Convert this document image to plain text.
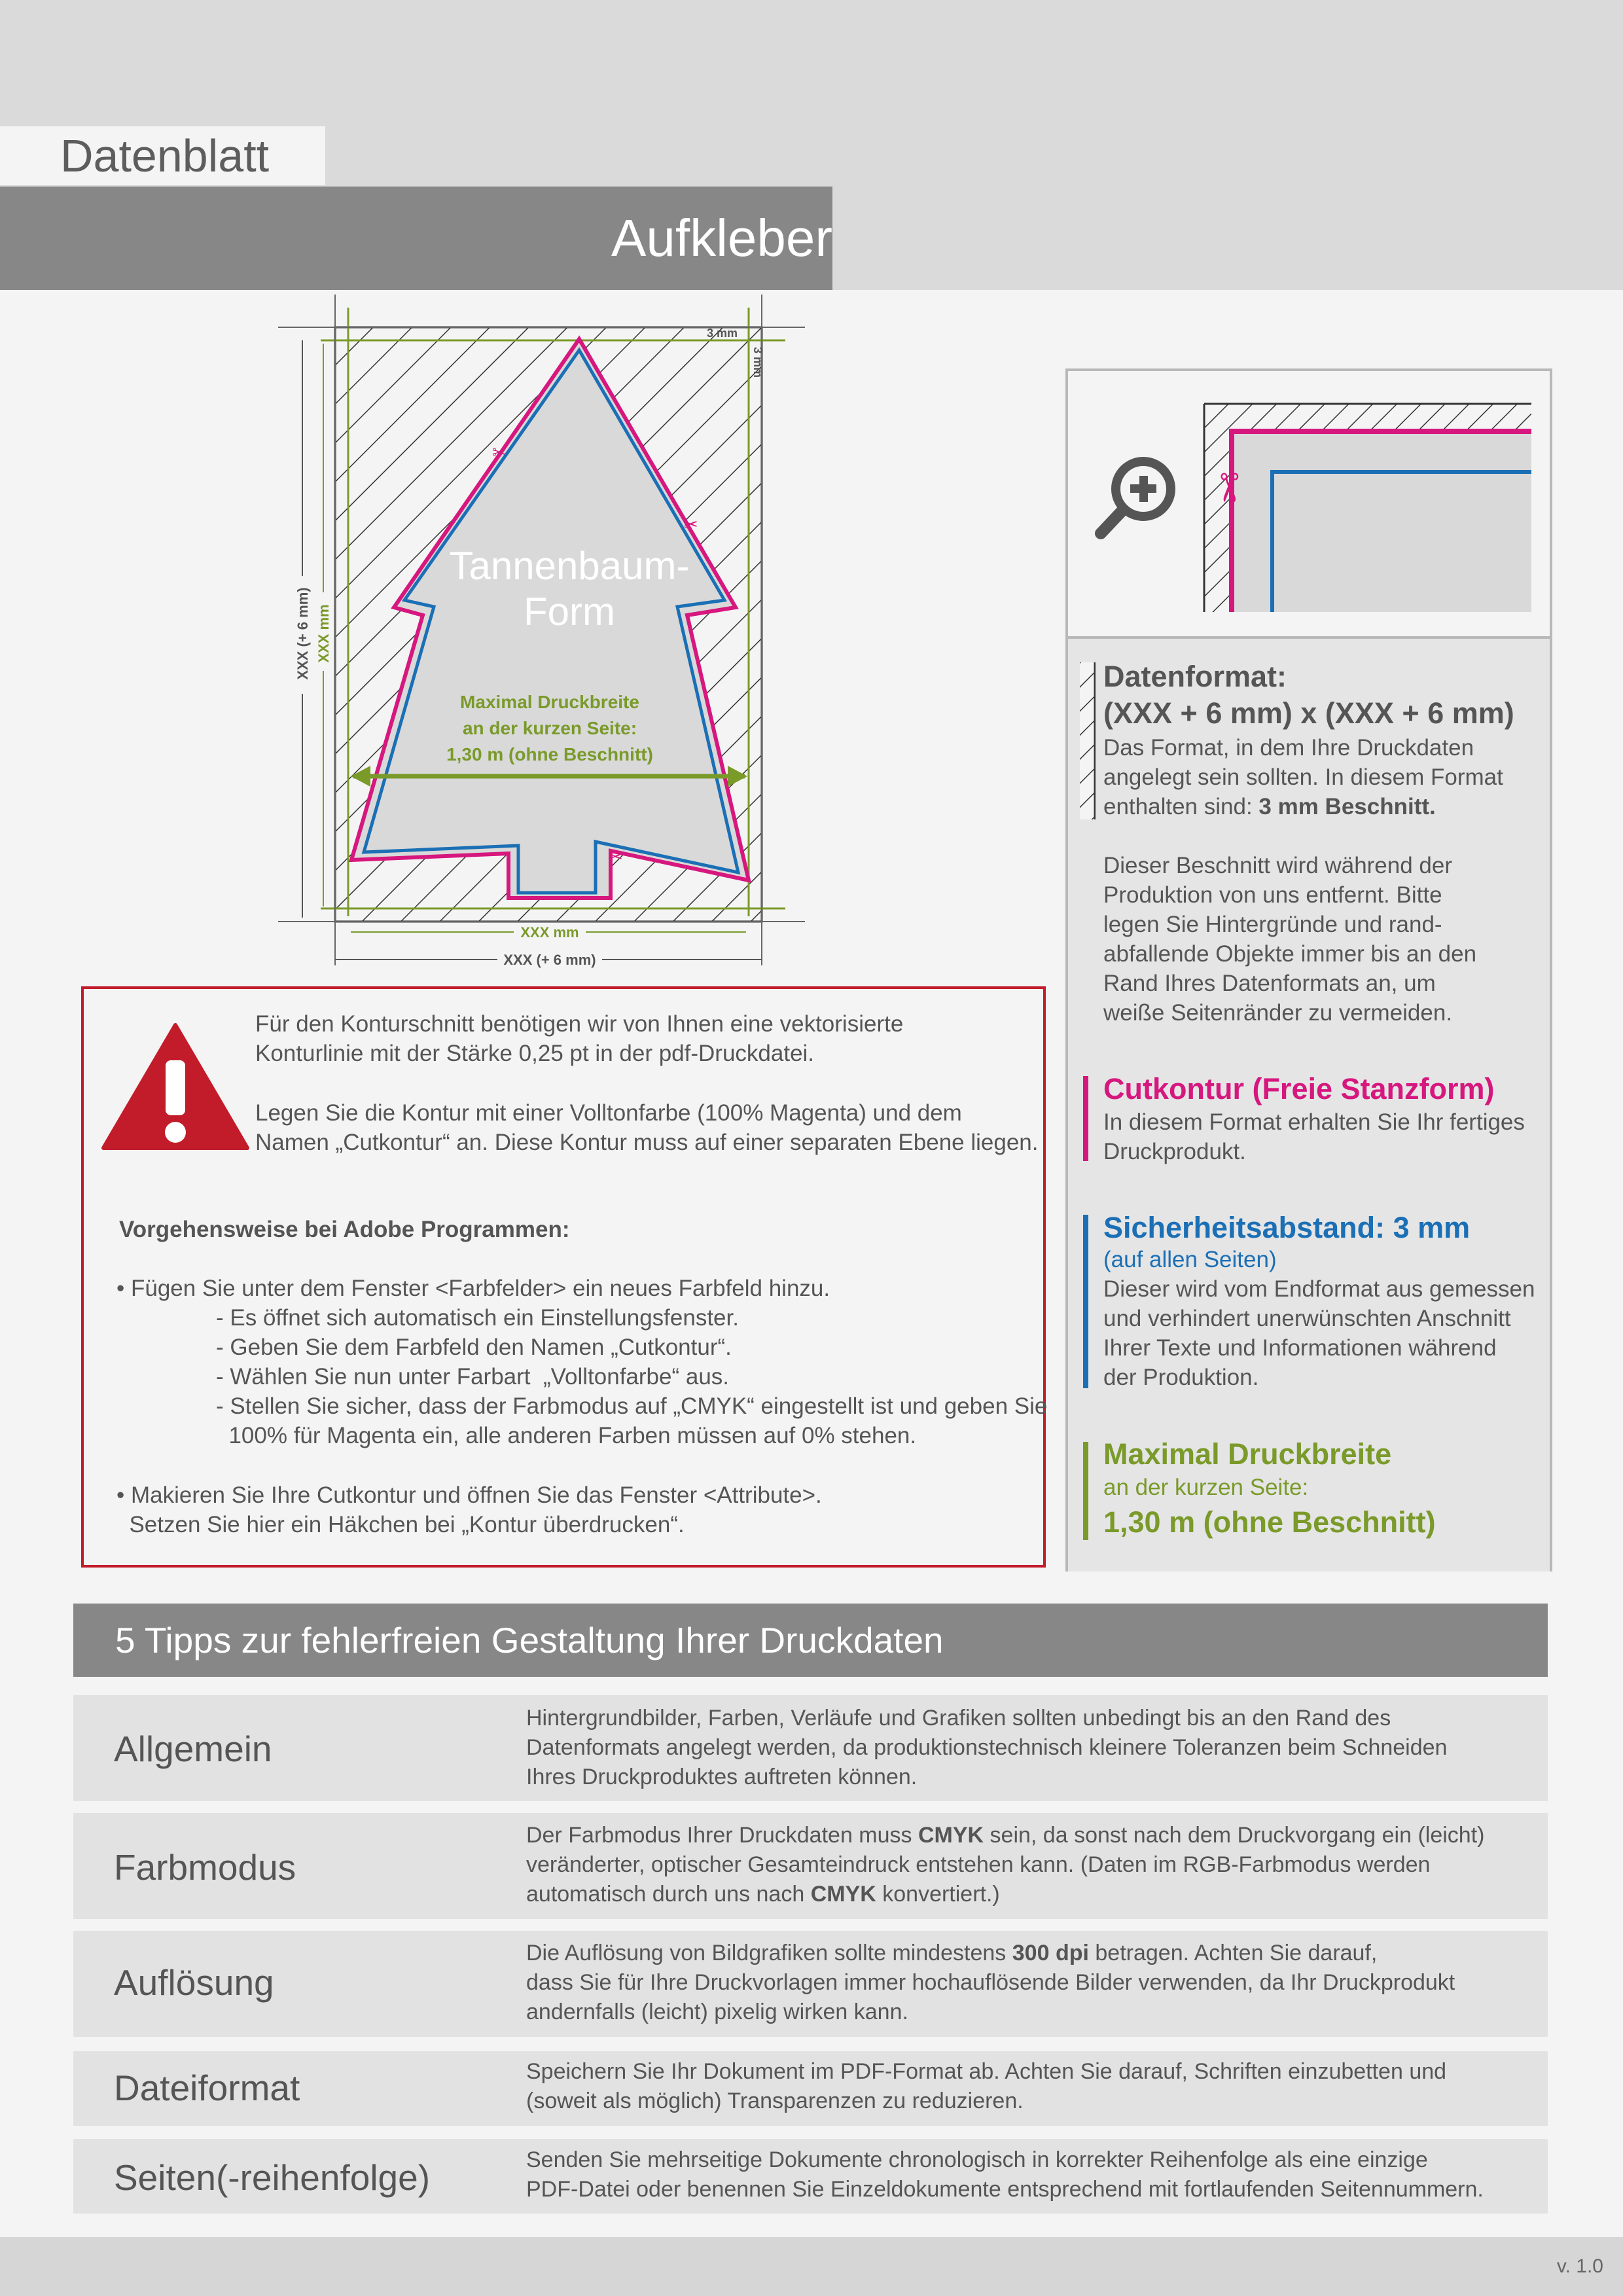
Datenblatt
Aufkleber
✂
✂
✂
Tannenbaum-
Form
Maximal Druckbreite
an der kurzen Seite:
1,30 m (ohne Beschnitt)
3 mm
3 mm
XXX (+ 6 mm) XXX mm
XXX mm
XXX (+ 6 mm)
Für den Konturschnitt benötigen wir von Ihnen eine vektorisierte
Konturlinie mit der Stärke 0,25 pt in der pdf-Druckdatei.
Legen Sie die Kontur mit einer Volltonfarbe (100% Magenta) und dem
Namen „Cutkontur“ an. Diese Kontur muss auf einer separaten Ebene liegen.
Vorgehensweise bei Adobe Programmen:
• Fügen Sie unter dem Fenster <Farbfelder> ein neues Farbfeld hinzu.
- Es öffnet sich automatisch ein Einstellungsfenster.
- Geben Sie dem Farbfeld den Namen „Cutkontur“.
- Wählen Sie nun unter Farbart  „Volltonfarbe“ aus.
- Stellen Sie sicher, dass der Farbmodus auf „CMYK“ eingestellt ist und geben Sie
100% für Magenta ein, alle anderen Farben müssen auf 0% stehen.
• Makieren Sie Ihre Cutkontur und öffnen Sie das Fenster <Attribute>.
Setzen Sie hier ein Häkchen bei „Kontur überdrucken“.
✂
Datenformat:
(XXX + 6 mm) x (XXX + 6 mm)
Das Format, in dem Ihre Druckdaten
angelegt sein sollten. In diesem Format
enthalten sind: 3 mm Beschnitt.
Dieser Beschnitt wird während der
Produktion von uns entfernt. Bitte
legen Sie Hintergründe und rand-
abfallende Objekte immer bis an den
Rand Ihres Datenformats an, um
weiße Seitenränder zu vermeiden.
Cutkontur (Freie Stanzform)
In diesem Format erhalten Sie Ihr fertiges
Druckprodukt.
Sicherheitsabstand: 3 mm
(auf allen Seiten)
Dieser wird vom Endformat aus gemessen
und verhindert unerwünschten Anschnitt
Ihrer Texte und Informationen während
der Produktion.
Maximal Druckbreite
an der kurzen Seite:
1,30 m (ohne Beschnitt)
5 Tipps zur fehlerfreien Gestaltung Ihrer Druckdaten
Allgemein
Hintergrundbilder, Farben, Verläufe und Grafiken sollten unbedingt bis an den Rand des
Datenformats angelegt werden, da produktionstechnisch kleinere Toleranzen beim Schneiden
Ihres Druckproduktes auftreten können.
Farbmodus
Der Farbmodus Ihrer Druckdaten muss CMYK sein, da sonst nach dem Druckvorgang ein (leicht)
veränderter, optischer Gesamteindruck entstehen kann. (Daten im RGB-Farbmodus werden
automatisch durch uns nach CMYK konvertiert.)
Auflösung
Die Auflösung von Bildgrafiken sollte mindestens 300 dpi betragen. Achten Sie darauf,
dass Sie für Ihre Druckvorlagen immer hochauflösende Bilder verwenden, da Ihr Druckprodukt
andernfalls (leicht) pixelig wirken kann.
Dateiformat	Speichern Sie Ihr Dokument im PDF-Format ab. Achten Sie darauf, Schriften einzubetten und
(soweit als möglich) Transparenzen zu reduzieren.
Seiten(-reihenfolge)	Senden Sie mehrseitige Dokumente chronologisch in korrekter Reihenfolge als eine einzige
PDF-Datei oder benennen Sie Einzeldokumente entsprechend mit fortlaufenden Seitennummern.
v. 1.0
